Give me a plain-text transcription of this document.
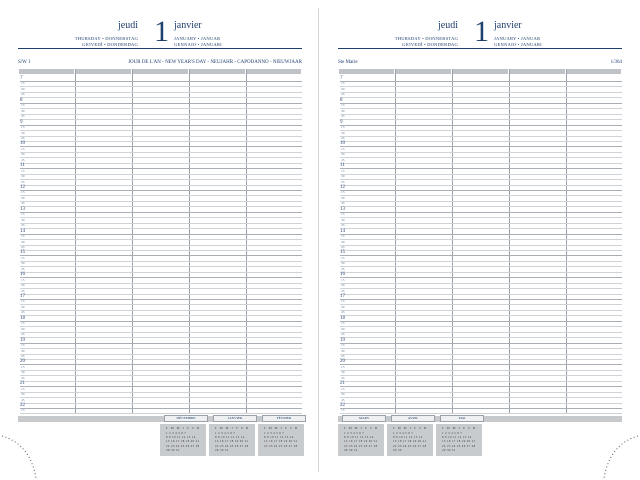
jeudi
THURSDAY • DONNERSTAG
GIOVEDÌ • DONDERDAG 1 janvier
JANUARY • JANUAR
GENNAIO • JANUARI
S/W 1	JOUR DE L'AN - NEW YEAR'S DAY - NEUJAHR - CAPODANNO - NIEUWJAAR
7
15
30
45
8
15
30
45
9
15
30
45
10
15
30
45
11
15
30
45
12
15
30
45
13
15
30
45
14
15
30
45
15
15
30
45
16
15
30
45
17
15
30
45
18
15
30
45
19
15
30
45
20
15
30
45
21
15
30
45
22
15
DÉCEMBRE
L M M J V S D
1 2 3 4 5 6 7
8 9 10 11 12 13 14
15 16 17 18 19 20 21
22 23 24 25 26 27 28
29 30 31
JANVIER
L M M J V S D
1 2 3 4 5 6 7
8 9 10 11 12 13 14
15 16 17 18 19 20 21
22 23 24 25 26 27 28
29 30 31
FÉVRIER
L M M J V S D
1 2 3 4 5 6 7
8 9 10 11 12 13 14
15 16 17 18 19 20 21
22 23 24 25 26 27 28
jeudi
THURSDAY • DONNERSTAG
GIOVEDÌ • DONDERDAG 1 janvier
JANUARY • JANUAR
GENNAIO • JANUARI
Ste Marie	1/364
7
15
30
45
8
15
30
45
9
15
30
45
10
15
30
45
11
15
30
45
12
15
30
45
13
15
30
45
14
15
30
45
15
15
30
45
16
15
30
45
17
15
30
45
18
15
30
45
19
15
30
45
20
15
30
45
21
15
30
45
22
15
MARS
L M M J V S D
1 2 3 4 5 6 7
8 9 10 11 12 13 14
15 16 17 18 19 20 21
22 23 24 25 26 27 28
29 30 31
AVRIL
L M M J V S D
1 2 3 4 5 6 7
8 9 10 11 12 13 14
15 16 17 18 19 20 21
22 23 24 25 26 27 28
29 30
MAI
L M M J V S D
1 2 3 4 5 6 7
8 9 10 11 12 13 14
15 16 17 18 19 20 21
22 23 24 25 26 27 28
29 30 31
